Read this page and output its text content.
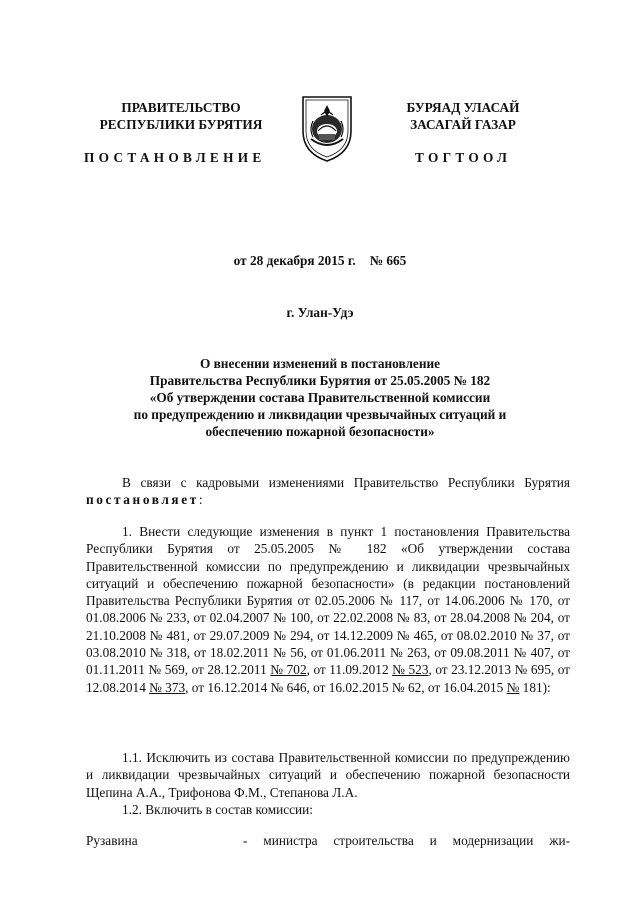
ПРАВИТЕЛЬСТВО
РЕСПУБЛИКИ БУРЯТИЯ
БУРЯАД УЛАСАЙ
ЗАСАГАЙ ГАЗАР
ПОСТАНОВЛЕНИЕ	ТОГТООЛ
от 28 декабря 2015 г. № 665
г. Улан-Удэ
О внесении изменений в постановление
Правительства Республики Бурятия от 25.05.2005 № 182
«Об утверждении состава Правительственной комиссии
по предупреждению и ликвидации чрезвычайных ситуаций и
обеспечению пожарной безопасности»
В связи с кадровыми изменениями Правительство Республики Бурятия постановляет:
1. Внести следующие изменения в пункт 1 постановления Правительства Республики Бурятия от 25.05.2005 № 182 «Об утверждении состава Правительственной комиссии по предупреждению и ликвидации чрезвычайных ситуаций и обеспечению пожарной безопасности» (в редакции постановлений Правительства Республики Бурятия от 02.05.2006 № 117, от 14.06.2006 № 170, от 01.08.2006 № 233, от 02.04.2007 № 100, от 22.02.2008 № 83, от 28.04.2008 № 204, от 21.10.2008 № 481, от 29.07.2009 № 294, от 14.12.2009 № 465, от 08.02.2010 № 37, от 03.08.2010 № 318, от 18.02.2011 № 56, от 01.06.2011 № 263, от 09.08.2011 № 407, от 01.11.2011 № 569, от 28.12.2011 № 702, от 11.09.2012 № 523, от 23.12.2013 № 695, от 12.08.2014 № 373, от 16.12.2014 № 646, от 16.02.2015 № 62, от 16.04.2015 № 181):
1.1. Исключить из состава Правительственной комиссии по предупреждению и ликвидации чрезвычайных ситуаций и обеспечению пожарной безопасности Щепина А.А., Трифонова Ф.М., Степанова Л.А.
1.2. Включить в состав комиссии:
Рузавина	- министра строительства и модернизации жи-
